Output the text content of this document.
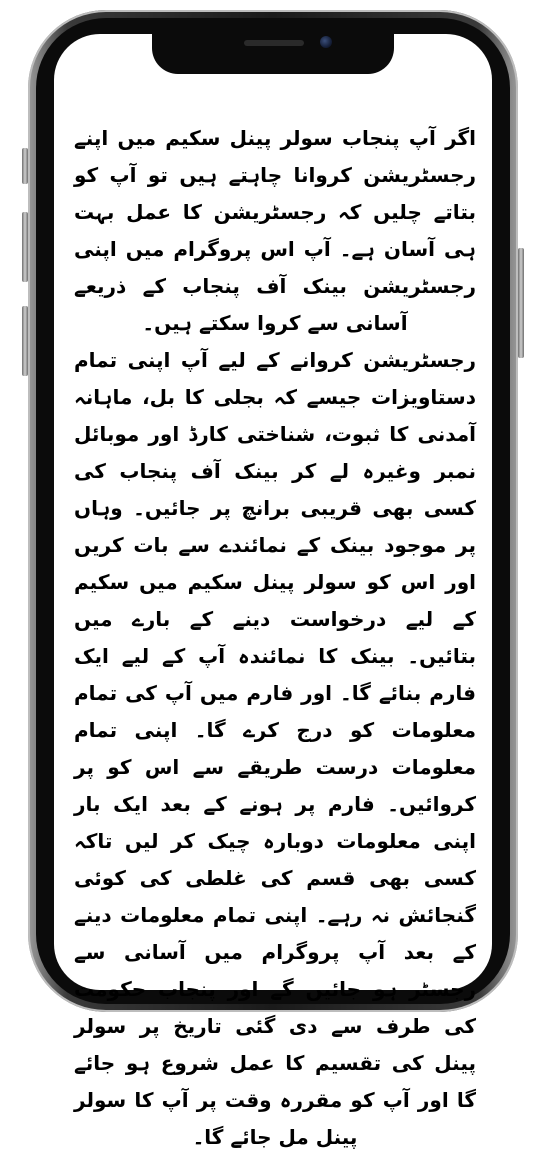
اگر آپ پنجاب سولر پینل سکیم میں اپنے رجسٹریشن کروانا چاہتے ہیں تو آپ کو بتاتے چلیں کہ رجسٹریشن کا عمل بہت ہی آسان ہے۔ آپ اس پروگرام میں اپنی رجسٹریشن بینک آف پنجاب کے ذریعے آسانی سے کروا سکتے ہیں۔

رجسٹریشن کروانے کے لیے آپ اپنی تمام دستاویزات جیسے کہ بجلی کا بل، ماہانہ آمدنی کا ثبوت، شناختی کارڈ اور موبائل نمبر وغیرہ لے کر بینک آف پنجاب کی کسی بھی قریبی برانچ پر جائیں۔ وہاں پر موجود بینک کے نمائندے سے بات کریں اور اس کو سولر پینل سکیم میں سکیم کے لیے درخواست دینے کے بارے میں بتائیں۔ بینک کا نمائندہ آپ کے لیے ایک فارم بنائے گا۔ اور فارم میں آپ کی تمام معلومات کو درج کرے گا۔ اپنی تمام معلومات درست طریقے سے اس کو پر کروائیں۔ فارم پر ہونے کے بعد ایک بار اپنی معلومات دوبارہ چیک کر لیں تاکہ کسی بھی قسم کی غلطی کی کوئی گنجائش نہ رہے۔ اپنی تمام معلومات دینے کے بعد آپ پروگرام میں آسانی سے رجسٹر ہو جائیں گے اور پنجاب حکومت کی طرف سے دی گئی تاریخ پر سولر پینل کی تقسیم کا عمل شروع ہو جائے گا اور آپ کو مقررہ وقت پر آپ کا سولر پینل مل جائے گا۔
